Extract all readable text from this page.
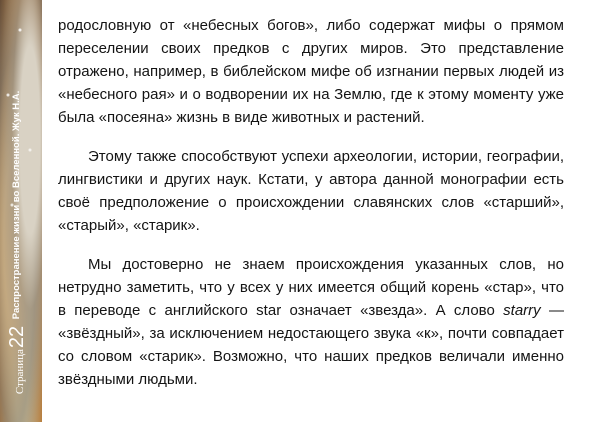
Распространение жизни во Вселенной. Жук Н.А.
Страница22

родословную от «небесных богов», либо содержат мифы о прямом переселении своих предков с других миров. Это представление отражено, например, в библейском мифе об изгнании первых людей из «небесного рая» и о водворении их на Землю, где к этому моменту уже была «посеяна» жизнь в виде животных и растений.

Этому также способствуют успехи археологии, истории, географии, лингвистики и других наук. Кстати, у автора данной монографии есть своё предположение о происхождении славянских слов «старший», «старый», «старик».

Мы достоверно не знаем происхождения указанных слов, но нетрудно заметить, что у всех у них имеется общий корень «стар», что в переводе с английского star означает «звезда». А слово starry — «звёздный», за исключением недостающего звука «к», почти совпадает со словом «старик». Возможно, что наших предков величали именно звёздными людьми.
